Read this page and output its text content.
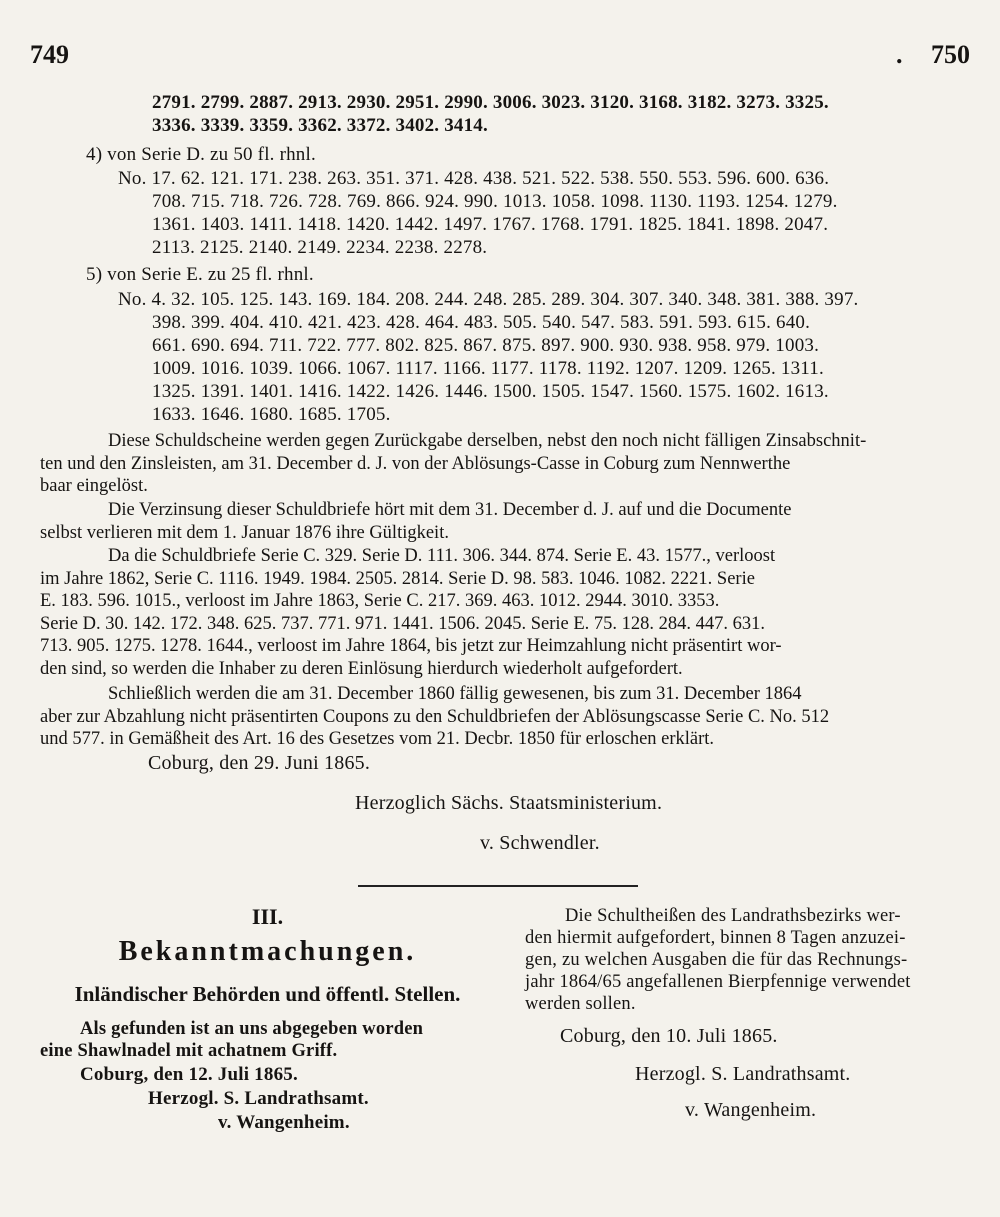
749	. 750
2791. 2799. 2887. 2913. 2930. 2951. 2990. 3006. 3023. 3120. 3168. 3182. 3273. 3325.
3336. 3339. 3359. 3362. 3372. 3402. 3414.
4) von Serie D. zu 50 fl. rhnl.
No. 17. 62. 121. 171. 238. 263. 351. 371. 428. 438. 521. 522. 538. 550. 553. 596. 600. 636.
708. 715. 718. 726. 728. 769. 866. 924. 990. 1013. 1058. 1098. 1130. 1193. 1254. 1279.
1361. 1403. 1411. 1418. 1420. 1442. 1497. 1767. 1768. 1791. 1825. 1841. 1898. 2047.
2113. 2125. 2140. 2149. 2234. 2238. 2278.
5) von Serie E. zu 25 fl. rhnl.
No. 4. 32. 105. 125. 143. 169. 184. 208. 244. 248. 285. 289. 304. 307. 340. 348. 381. 388. 397.
398. 399. 404. 410. 421. 423. 428. 464. 483. 505. 540. 547. 583. 591. 593. 615. 640.
661. 690. 694. 711. 722. 777. 802. 825. 867. 875. 897. 900. 930. 938. 958. 979. 1003.
1009. 1016. 1039. 1066. 1067. 1117. 1166. 1177. 1178. 1192. 1207. 1209. 1265. 1311.
1325. 1391. 1401. 1416. 1422. 1426. 1446. 1500. 1505. 1547. 1560. 1575. 1602. 1613.
1633. 1646. 1680. 1685. 1705.
Diese Schuldscheine werden gegen Zurückgabe derselben, nebst den noch nicht fälligen Zinsabschnit-
ten und den Zinsleisten, am 31. December d. J. von der Ablösungs-Casse in Coburg zum Nennwerthe
baar eingelöst.
Die Verzinsung dieser Schuldbriefe hört mit dem 31. December d. J. auf und die Documente
selbst verlieren mit dem 1. Januar 1876 ihre Gültigkeit.
Da die Schuldbriefe Serie C. 329. Serie D. 111. 306. 344. 874. Serie E. 43. 1577., verloost
im Jahre 1862, Serie C. 1116. 1949. 1984. 2505. 2814. Serie D. 98. 583. 1046. 1082. 2221. Serie
E. 183. 596. 1015., verloost im Jahre 1863, Serie C. 217. 369. 463. 1012. 2944. 3010. 3353.
Serie D. 30. 142. 172. 348. 625. 737. 771. 971. 1441. 1506. 2045. Serie E. 75. 128. 284. 447. 631.
713. 905. 1275. 1278. 1644., verloost im Jahre 1864, bis jetzt zur Heimzahlung nicht präsentirt wor-
den sind, so werden die Inhaber zu deren Einlösung hierdurch wiederholt aufgefordert.
Schließlich werden die am 31. December 1860 fällig gewesenen, bis zum 31. December 1864
aber zur Abzahlung nicht präsentirten Coupons zu den Schuldbriefen der Ablösungscasse Serie C. No. 512
und 577. in Gemäßheit des Art. 16 des Gesetzes vom 21. Decbr. 1850 für erloschen erklärt.
Coburg, den 29. Juni 1865.
Herzoglich Sächs. Staatsministerium.
v. Schwendler.
III.
Bekanntmachungen.
Inländischer Behörden und öffentl. Stellen.
Als gefunden ist an uns abgegeben worden
eine Shawlnadel mit achatnem Griff.
Coburg, den 12. Juli 1865.
Herzogl. S. Landrathsamt.
v. Wangenheim.
Die Schultheißen des Landrathsbezirks wer-
den hiermit aufgefordert, binnen 8 Tagen anzuzei-
gen, zu welchen Ausgaben die für das Rechnungs-
jahr 1864/65 angefallenen Bierpfennige verwendet
werden sollen.
Coburg, den 10. Juli 1865.
Herzogl. S. Landrathsamt.
v. Wangenheim.
